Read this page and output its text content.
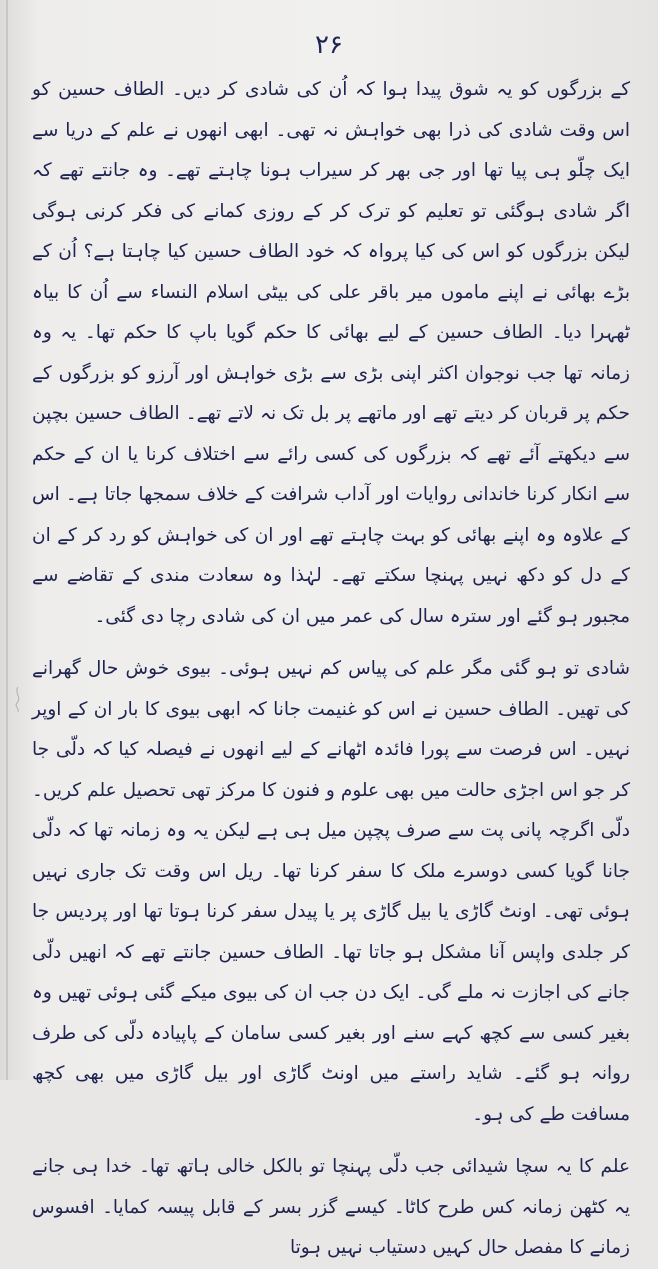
۲۶

کے بزرگوں کو یہ شوق پیدا ہوا کہ اُن کی شادی کر دیں۔ الطاف حسین کو اس وقت شادی کی ذرا بھی خواہش نہ تھی۔ ابھی انھوں نے علم کے دریا سے ایک چلّو ہی پیا تھا اور جی بھر کر سیراب ہونا چاہتے تھے۔ وہ جانتے تھے کہ اگر شادی ہوگئی تو تعلیم کو ترک کر کے روزی کمانے کی فکر کرنی ہوگی لیکن بزرگوں کو اس کی کیا پرواہ کہ خود الطاف حسین کیا چاہتا ہے؟ اُن کے بڑے بھائی نے اپنے ماموں میر باقر علی کی بیٹی اسلام النساء سے اُن کا بیاہ ٹھہرا دیا۔ الطاف حسین کے لیے بھائی کا حکم گویا باپ کا حکم تھا۔ یہ وہ زمانہ تھا جب نوجوان اکثر اپنی بڑی سے بڑی خواہش اور آرزو کو بزرگوں کے حکم پر قربان کر دیتے تھے اور ماتھے پر بل تک نہ لاتے تھے۔ الطاف حسین بچپن سے دیکھتے آئے تھے کہ بزرگوں کی کسی رائے سے اختلاف کرنا یا ان کے حکم سے انکار کرنا خاندانی روایات اور آداب شرافت کے خلاف سمجھا جاتا ہے۔ اس کے علاوہ وہ اپنے بھائی کو بہت چاہتے تھے اور ان کی خواہش کو رد کر کے ان کے دل کو دکھ نہیں پہنچا سکتے تھے۔ لہٰذا وہ سعادت مندی کے تقاضے سے مجبور ہو گئے اور سترہ سال کی عمر میں ان کی شادی رچا دی گئی۔

شادی تو ہو گئی مگر علم کی پیاس کم نہیں ہوئی۔ بیوی خوش حال گھرانے کی تھیں۔ الطاف حسین نے اس کو غنیمت جانا کہ ابھی بیوی کا بار ان کے اوپر نہیں۔ اس فرصت سے پورا فائدہ اٹھانے کے لیے انھوں نے فیصلہ کیا کہ دلّی جا کر جو اس اجڑی حالت میں بھی علوم و فنون کا مرکز تھی تحصیل علم کریں۔ دلّی اگرچہ پانی پت سے صرف پچپن میل ہی ہے لیکن یہ وہ زمانہ تھا کہ دلّی جانا گویا کسی دوسرے ملک کا سفر کرنا تھا۔ ریل اس وقت تک جاری نہیں ہوئی تھی۔ اونٹ گاڑی یا بیل گاڑی پر یا پیدل سفر کرنا ہوتا تھا اور پردیس جا کر جلدی واپس آنا مشکل ہو جاتا تھا۔ الطاف حسین جانتے تھے کہ انھیں دلّی جانے کی اجازت نہ ملے گی۔ ایک دن جب ان کی بیوی میکے گئی ہوئی تھیں وہ بغیر کسی سے کچھ کہے سنے اور بغیر کسی سامان کے پاپیادہ دلّی کی طرف روانہ ہو گئے۔ شاید راستے میں اونٹ گاڑی اور بیل گاڑی میں بھی کچھ مسافت طے کی ہو۔

علم کا یہ سچا شیدائی جب دلّی پہنچا تو بالکل خالی ہاتھ تھا۔ خدا ہی جانے یہ کٹھن زمانہ کس طرح کاٹا۔ کیسے گزر بسر کے قابل پیسہ کمایا۔ افسوس زمانے کا مفصل حال کہیں دستیاب نہیں ہوتا
